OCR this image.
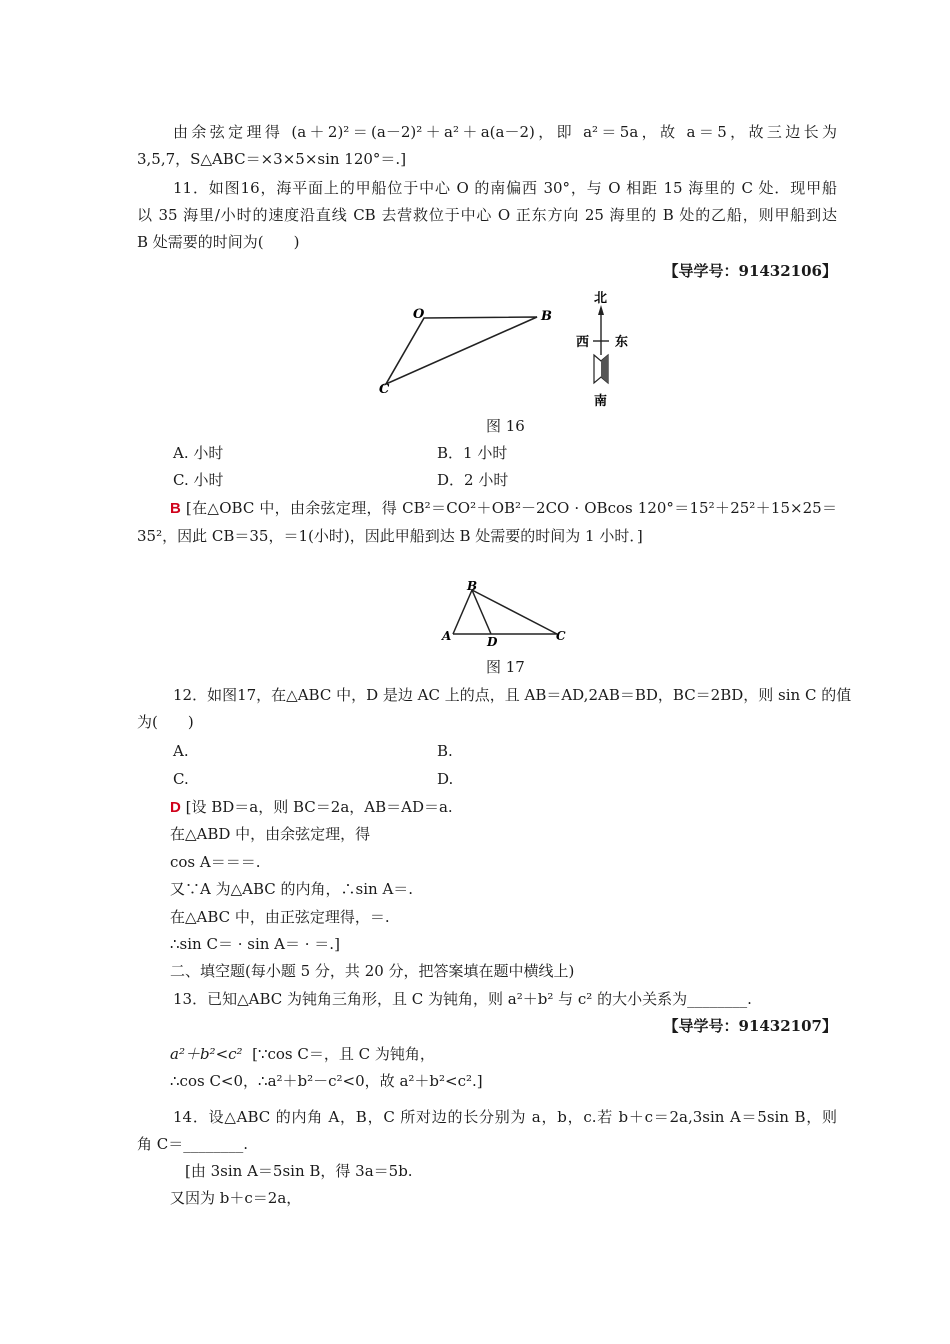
由余弦定理得 (a＋2)²＝(a－2)²＋a²＋a(a－2)，即 a²＝5a，故 a＝5，故三边长为
3,5,7，S△ABC＝×3×5×sin 120°＝.]
11．如图16，海平面上的甲船位于中心 O 的南偏西 30°，与 O 相距 15 海里的 C 处．现甲船
以 35 海里/小时的速度沿直线 CB 去营救位于中心 O 正东方向 25 海里的 B 处的乙船，则甲船到达
B 处需要的时间为(　　)
【导学号：91432106】
O	B
C
北
西 东
南
图 16
A. 小时	B．1 小时
C. 小时	D．2 小时
B [在△OBC 中，由余弦定理，得 CB²＝CO²＋OB²－2CO · OBcos 120°＝15²＋25²＋15×25＝
35²，因此 CB＝35，＝1(小时)，因此甲船到达 B 处需要的时间为 1 小时．]
B
A	D	C
图 17
12．如图17，在△ABC 中，D 是边 AC 上的点，且 AB＝AD,2AB＝BD，BC＝2BD，则 sin C 的值
为(　　)
A.	B.
C.	D.
D [设 BD＝a，则 BC＝2a，AB＝AD＝a.
在△ABD 中，由余弦定理，得
cos A＝＝＝.
又∵A 为△ABC 的内角，∴sin A＝.
在△ABC 中，由正弦定理得，＝.
∴sin C＝ · sin A＝ · ＝.]
二、填空题(每小题 5 分，共 20 分，把答案填在题中横线上)
13．已知△ABC 为钝角三角形，且 C 为钝角，则 a²＋b² 与 c² 的大小关系为________.
【导学号：91432107】
a²＋b²<c² [∵cos C＝，且 C 为钝角，
∴cos C<0，∴a²＋b²－c²<0，故 a²＋b²<c².]
14．设△ABC 的内角 A，B，C 所对边的长分别为 a，b，c.若 b＋c＝2a,3sin A＝5sin B，则
角 C＝________.
[由 3sin A＝5sin B，得 3a＝5b.
又因为 b＋c＝2a，
